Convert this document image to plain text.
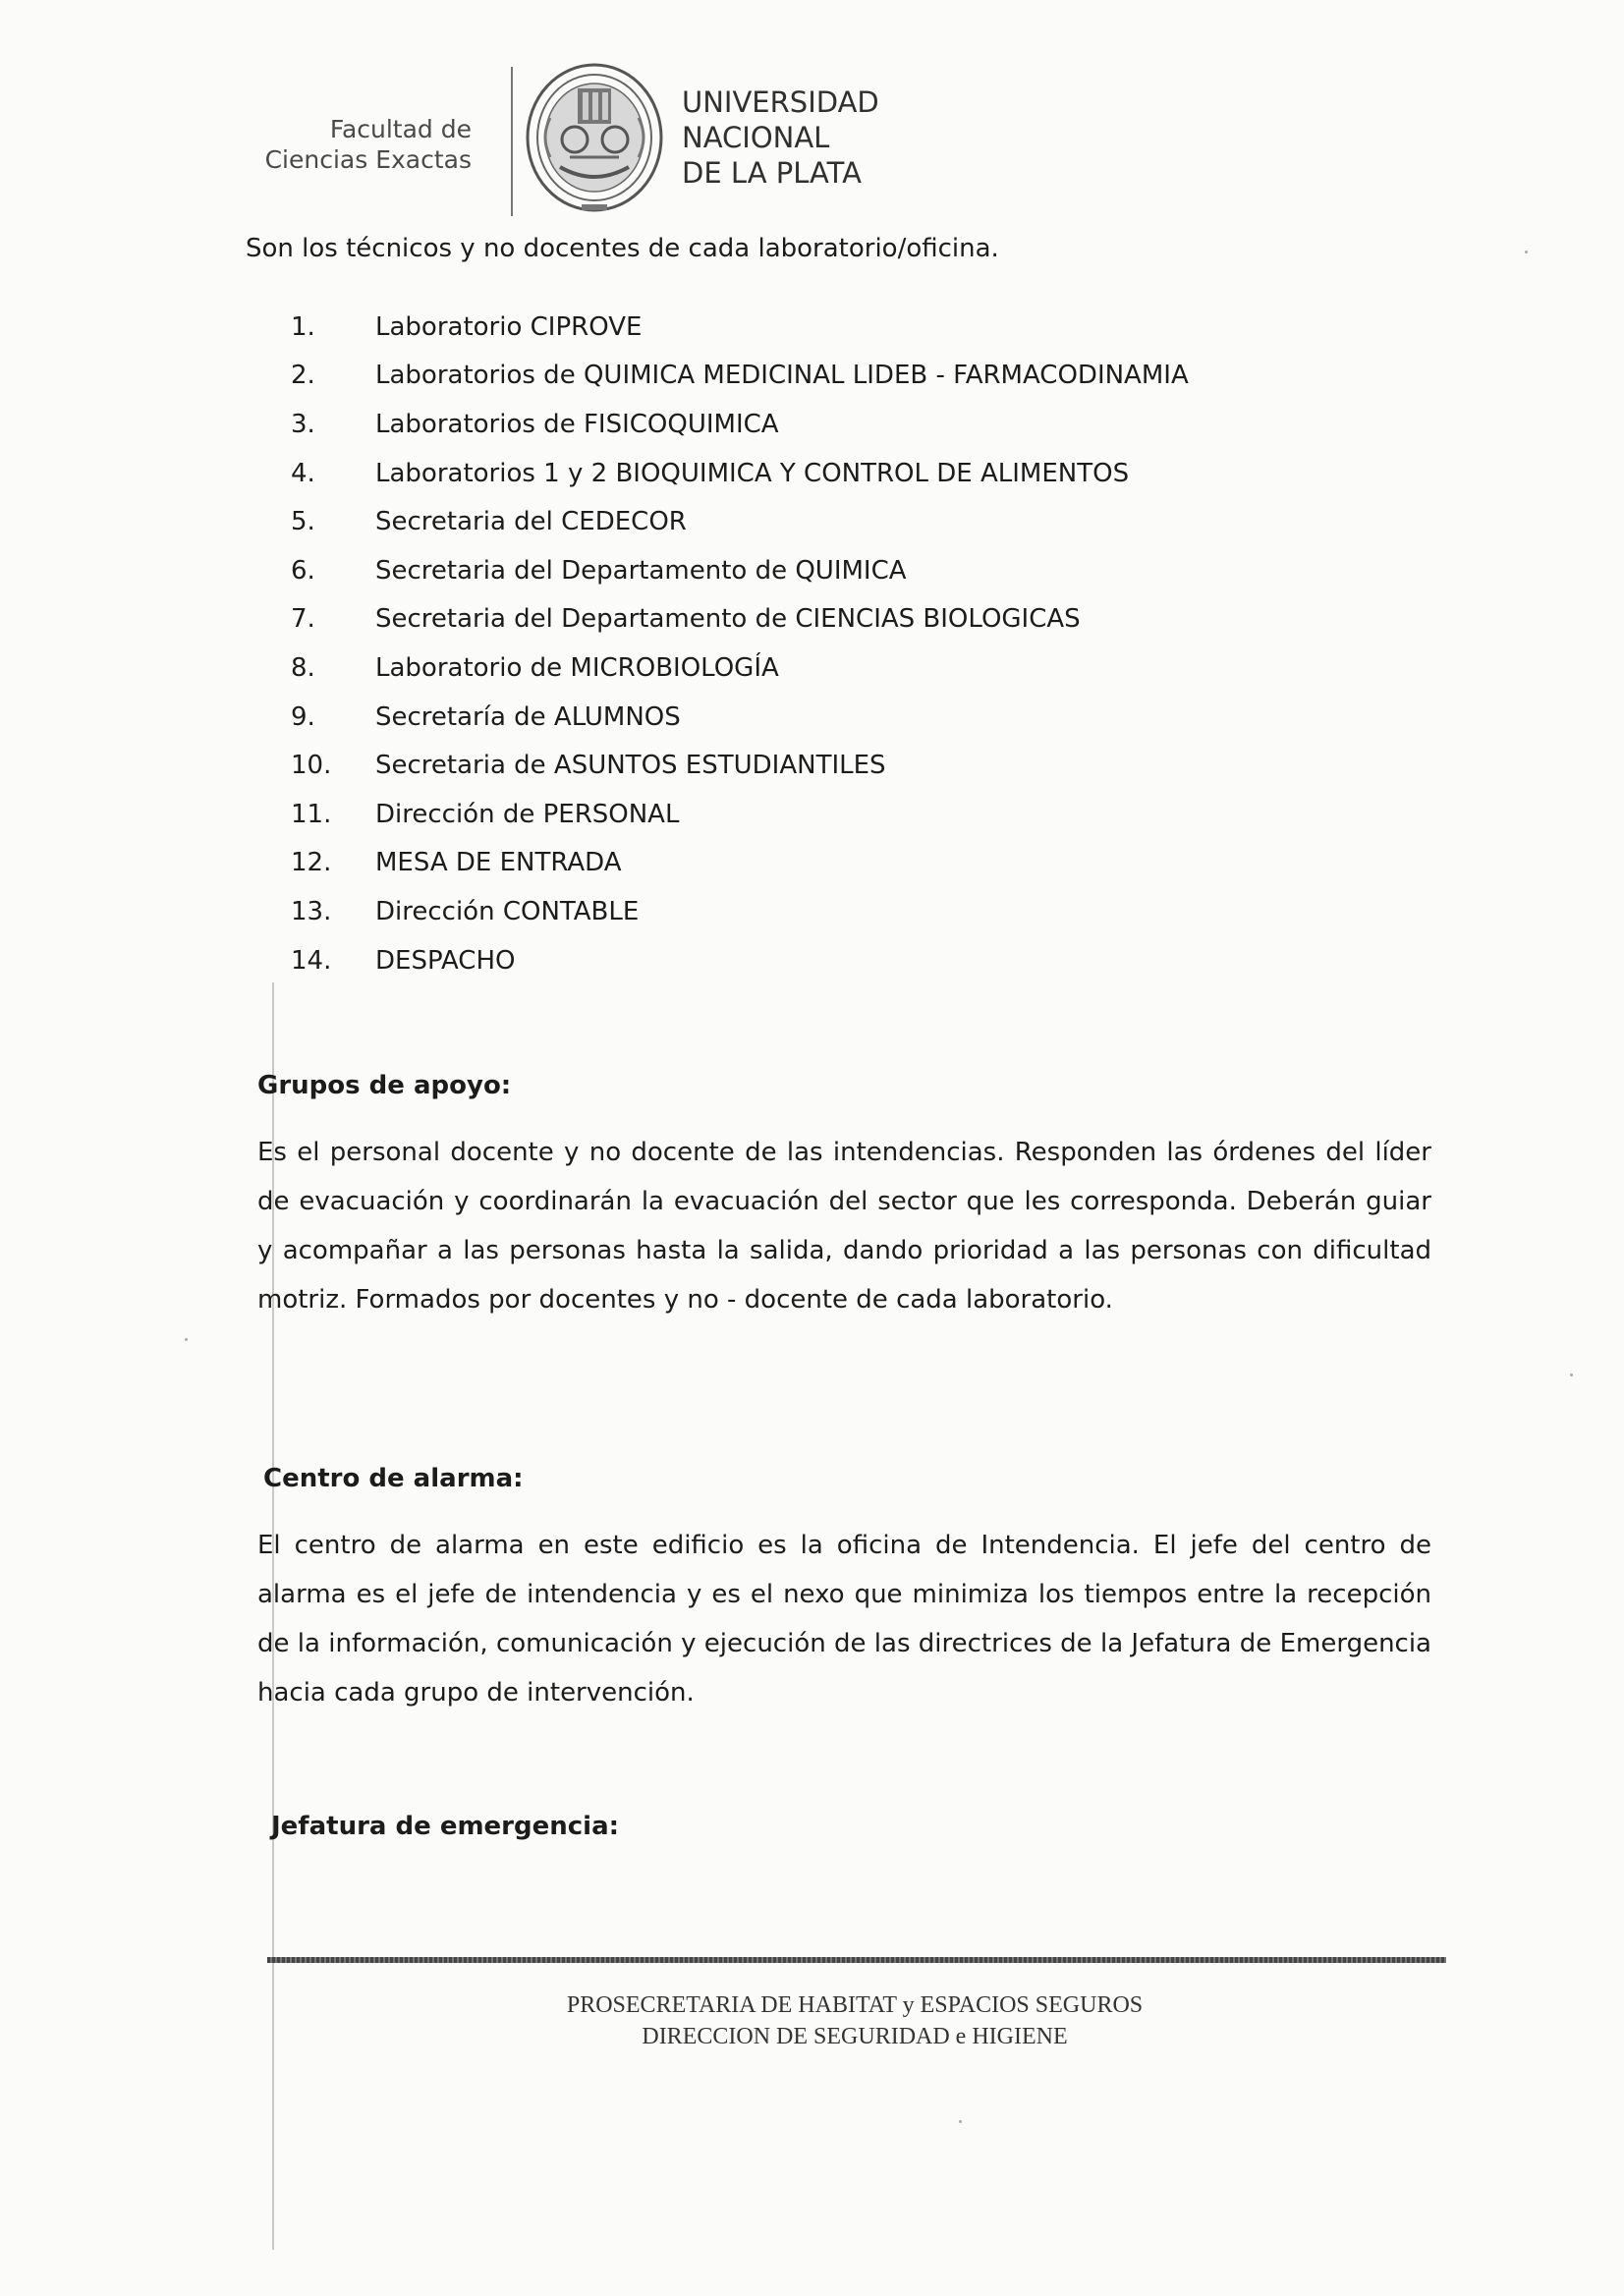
Facultad de
Ciencias Exactas
UNIVERSIDAD
NACIONAL
DE LA PLATA
Son los técnicos y no docentes de cada laboratorio/oficina.
1.	Laboratorio CIPROVE
2.	Laboratorios de QUIMICA MEDICINAL LIDEB - FARMACODINAMIA
3.	Laboratorios de FISICOQUIMICA
4.	Laboratorios 1 y 2 BIOQUIMICA Y CONTROL DE ALIMENTOS
5.	Secretaria del CEDECOR
6.	Secretaria del Departamento de QUIMICA
7.	Secretaria del Departamento de CIENCIAS BIOLOGICAS
8.	Laboratorio de MICROBIOLOGÍA
9.	Secretaría de ALUMNOS
10.	Secretaria de ASUNTOS ESTUDIANTILES
11.	Dirección de PERSONAL
12.	MESA DE ENTRADA
13.	Dirección CONTABLE
14.	DESPACHO
Grupos de apoyo:
Es el personal docente y no docente de las intendencias. Responden las órdenes del líder de evacuación y coordinarán la evacuación del sector que les corresponda. Deberán guiar y acompañar a las personas hasta la salida, dando prioridad a las personas con dificultad motriz. Formados por docentes y no - docente de cada laboratorio.
Centro de alarma:
El centro de alarma en este edificio es la oficina de Intendencia. El jefe del centro de alarma es el jefe de intendencia y es el nexo que minimiza los tiempos entre la recepción de la información, comunicación y ejecución de las directrices de la Jefatura de Emergencia hacia cada grupo de intervención.
Jefatura de emergencia:
PROSECRETARIA DE HABITAT y ESPACIOS SEGUROS
DIRECCION DE SEGURIDAD e HIGIENE
